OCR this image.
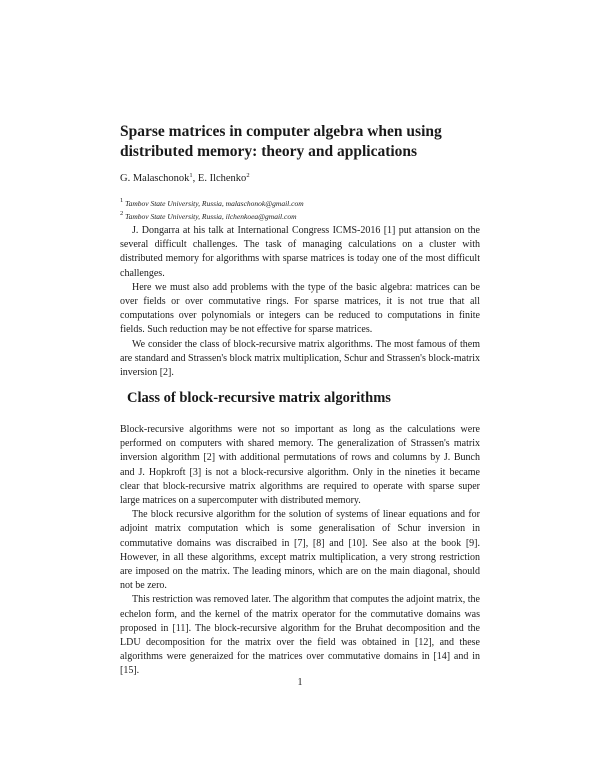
Sparse matrices in computer algebra when using distributed memory: theory and applications

G. Malaschonok$^1$, E. Ilchenko$^2$

$^1$ Tambov State University, Russia, malaschonok@gmail.com
$^2$ Tambov State University, Russia, ilchenkoea@gmail.com

J. Dongarra at his talk at International Congress ICMS-2016 [1] put attansion on the several difficult challenges. The task of managing calculations on a cluster with distributed memory for algorithms with sparse matrices is today one of the most difficult challenges.

Here we must also add problems with the type of the basic algebra: matrices can be over fields or over commutative rings. For sparse matrices, it is not true that all computations over polynomials or integers can be reduced to computations in finite fields. Such reduction may be not effective for sparse matrices.

We consider the class of block-recursive matrix algorithms. The most famous of them are standard and Strassen's block matrix multiplication, Schur and Strassen's block-matrix inversion [2].

Class of block-recursive matrix algorithms

Block-recursive algorithms were not so important as long as the calculations were performed on computers with shared memory. The generalization of Strassen's matrix inversion algorithm [2] with additional permutations of rows and columns by J. Bunch and J. Hopkroft [3] is not a block-recursive algorithm. Only in the nineties it became clear that block-recursive matrix algorithms are required to operate with sparse super large matrices on a supercomputer with distributed memory.

The block recursive algorithm for the solution of systems of linear equations and for adjoint matrix computation which is some generalisation of Schur inversion in commutative domains was discraibed in [7], [8] and [10]. See also at the book [9]. However, in all these algorithms, except matrix multiplication, a very strong restriction are imposed on the matrix. The leading minors, which are on the main diagonal, should not be zero.

This restriction was removed later. The algorithm that computes the adjoint matrix, the echelon form, and the kernel of the matrix operator for the commutative domains was proposed in [11]. The block-recursive algorithm for the Bruhat decomposition and the LDU decomposition for the matrix over the field was obtained in [12], and these algorithms were generaized for the matrices over commutative domains in [14] and in [15].

1
